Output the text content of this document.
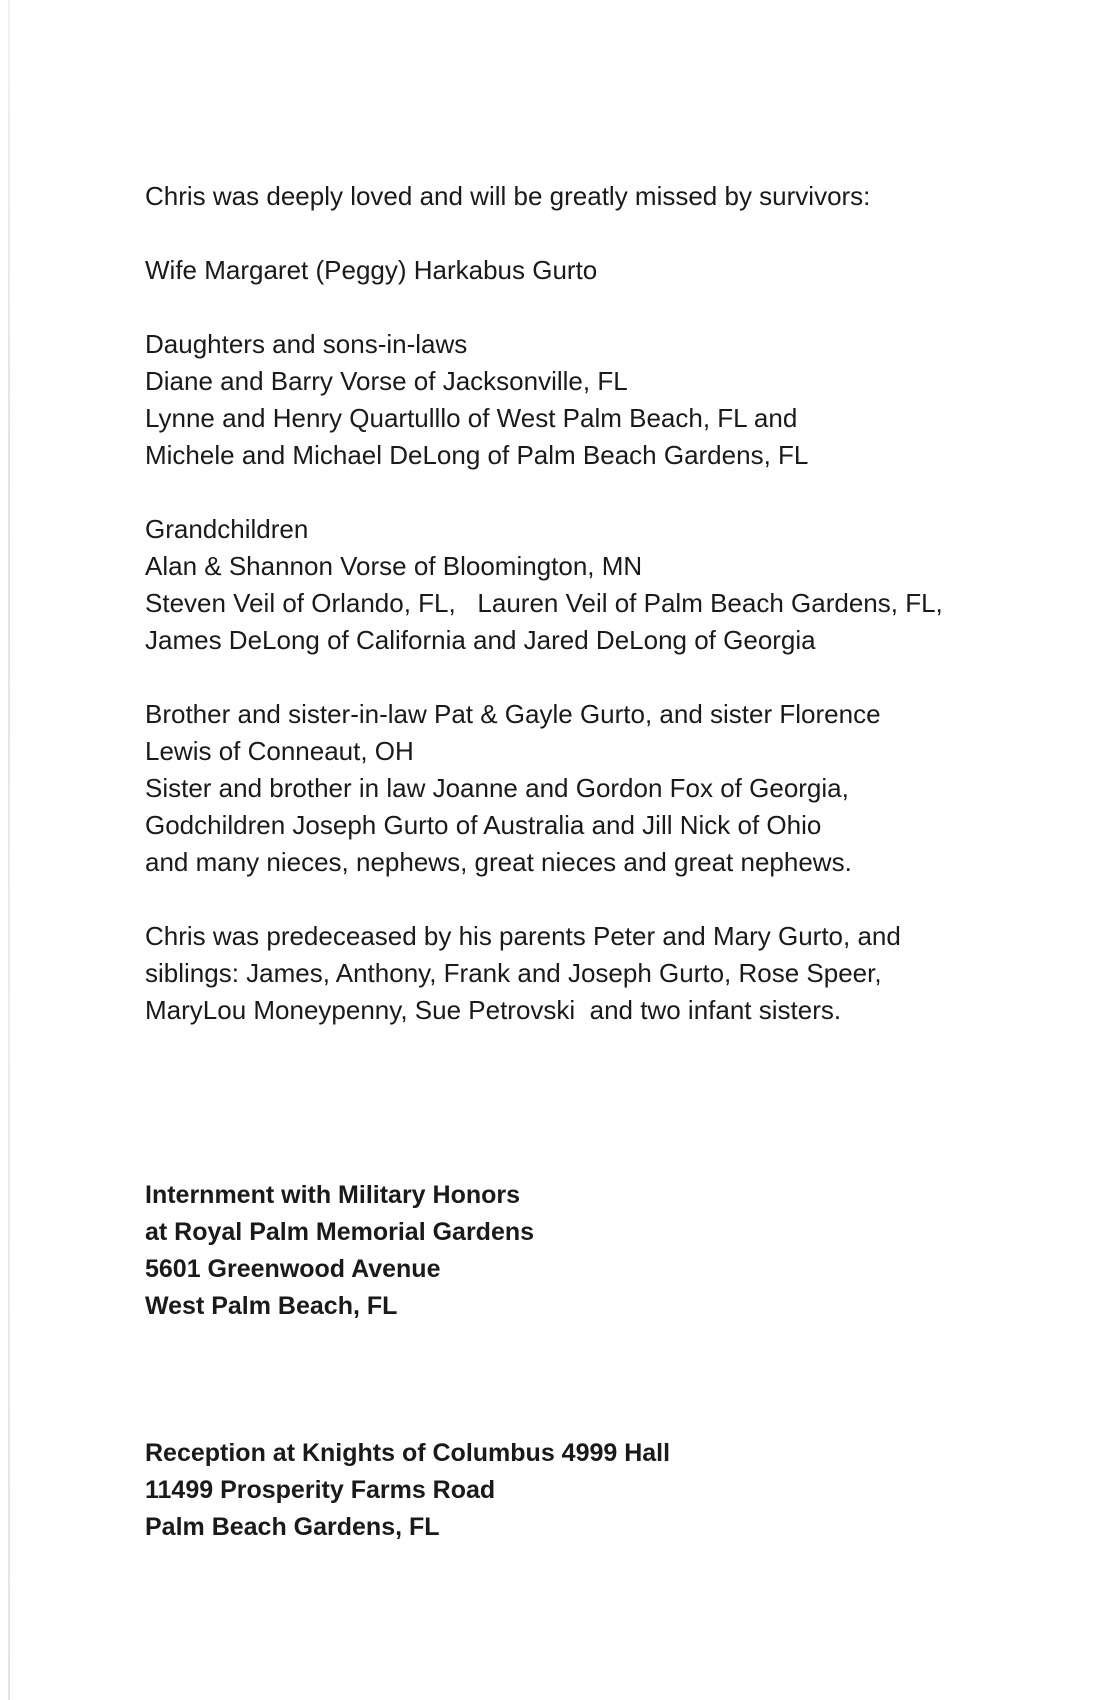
Chris was deeply loved and will be greatly missed by survivors:

Wife Margaret (Peggy) Harkabus Gurto

Daughters and sons-in-laws

Diane and Barry Vorse of Jacksonville, FL

Lynne and Henry Quartulllo of West Palm Beach, FL and

Michele and Michael DeLong of Palm Beach Gardens, FL

Grandchildren

Alan & Shannon Vorse of Bloomington, MN

Steven Veil of Orlando, FL,   Lauren Veil of Palm Beach Gardens, FL,

James DeLong of California and Jared DeLong of Georgia

Brother and sister-in-law Pat & Gayle Gurto, and sister Florence

Lewis of Conneaut, OH

Sister and brother in law Joanne and Gordon Fox of Georgia,

Godchildren Joseph Gurto of Australia and Jill Nick of Ohio

and many nieces, nephews, great nieces and great nephews.

Chris was predeceased by his parents Peter and Mary Gurto, and

siblings: James, Anthony, Frank and Joseph Gurto, Rose Speer,

MaryLou Moneypenny, Sue Petrovski  and two infant sisters.

Internment with Military Honors

at Royal Palm Memorial Gardens

5601 Greenwood Avenue

West Palm Beach, FL

Reception at Knights of Columbus 4999 Hall

11499 Prosperity Farms Road

Palm Beach Gardens, FL
